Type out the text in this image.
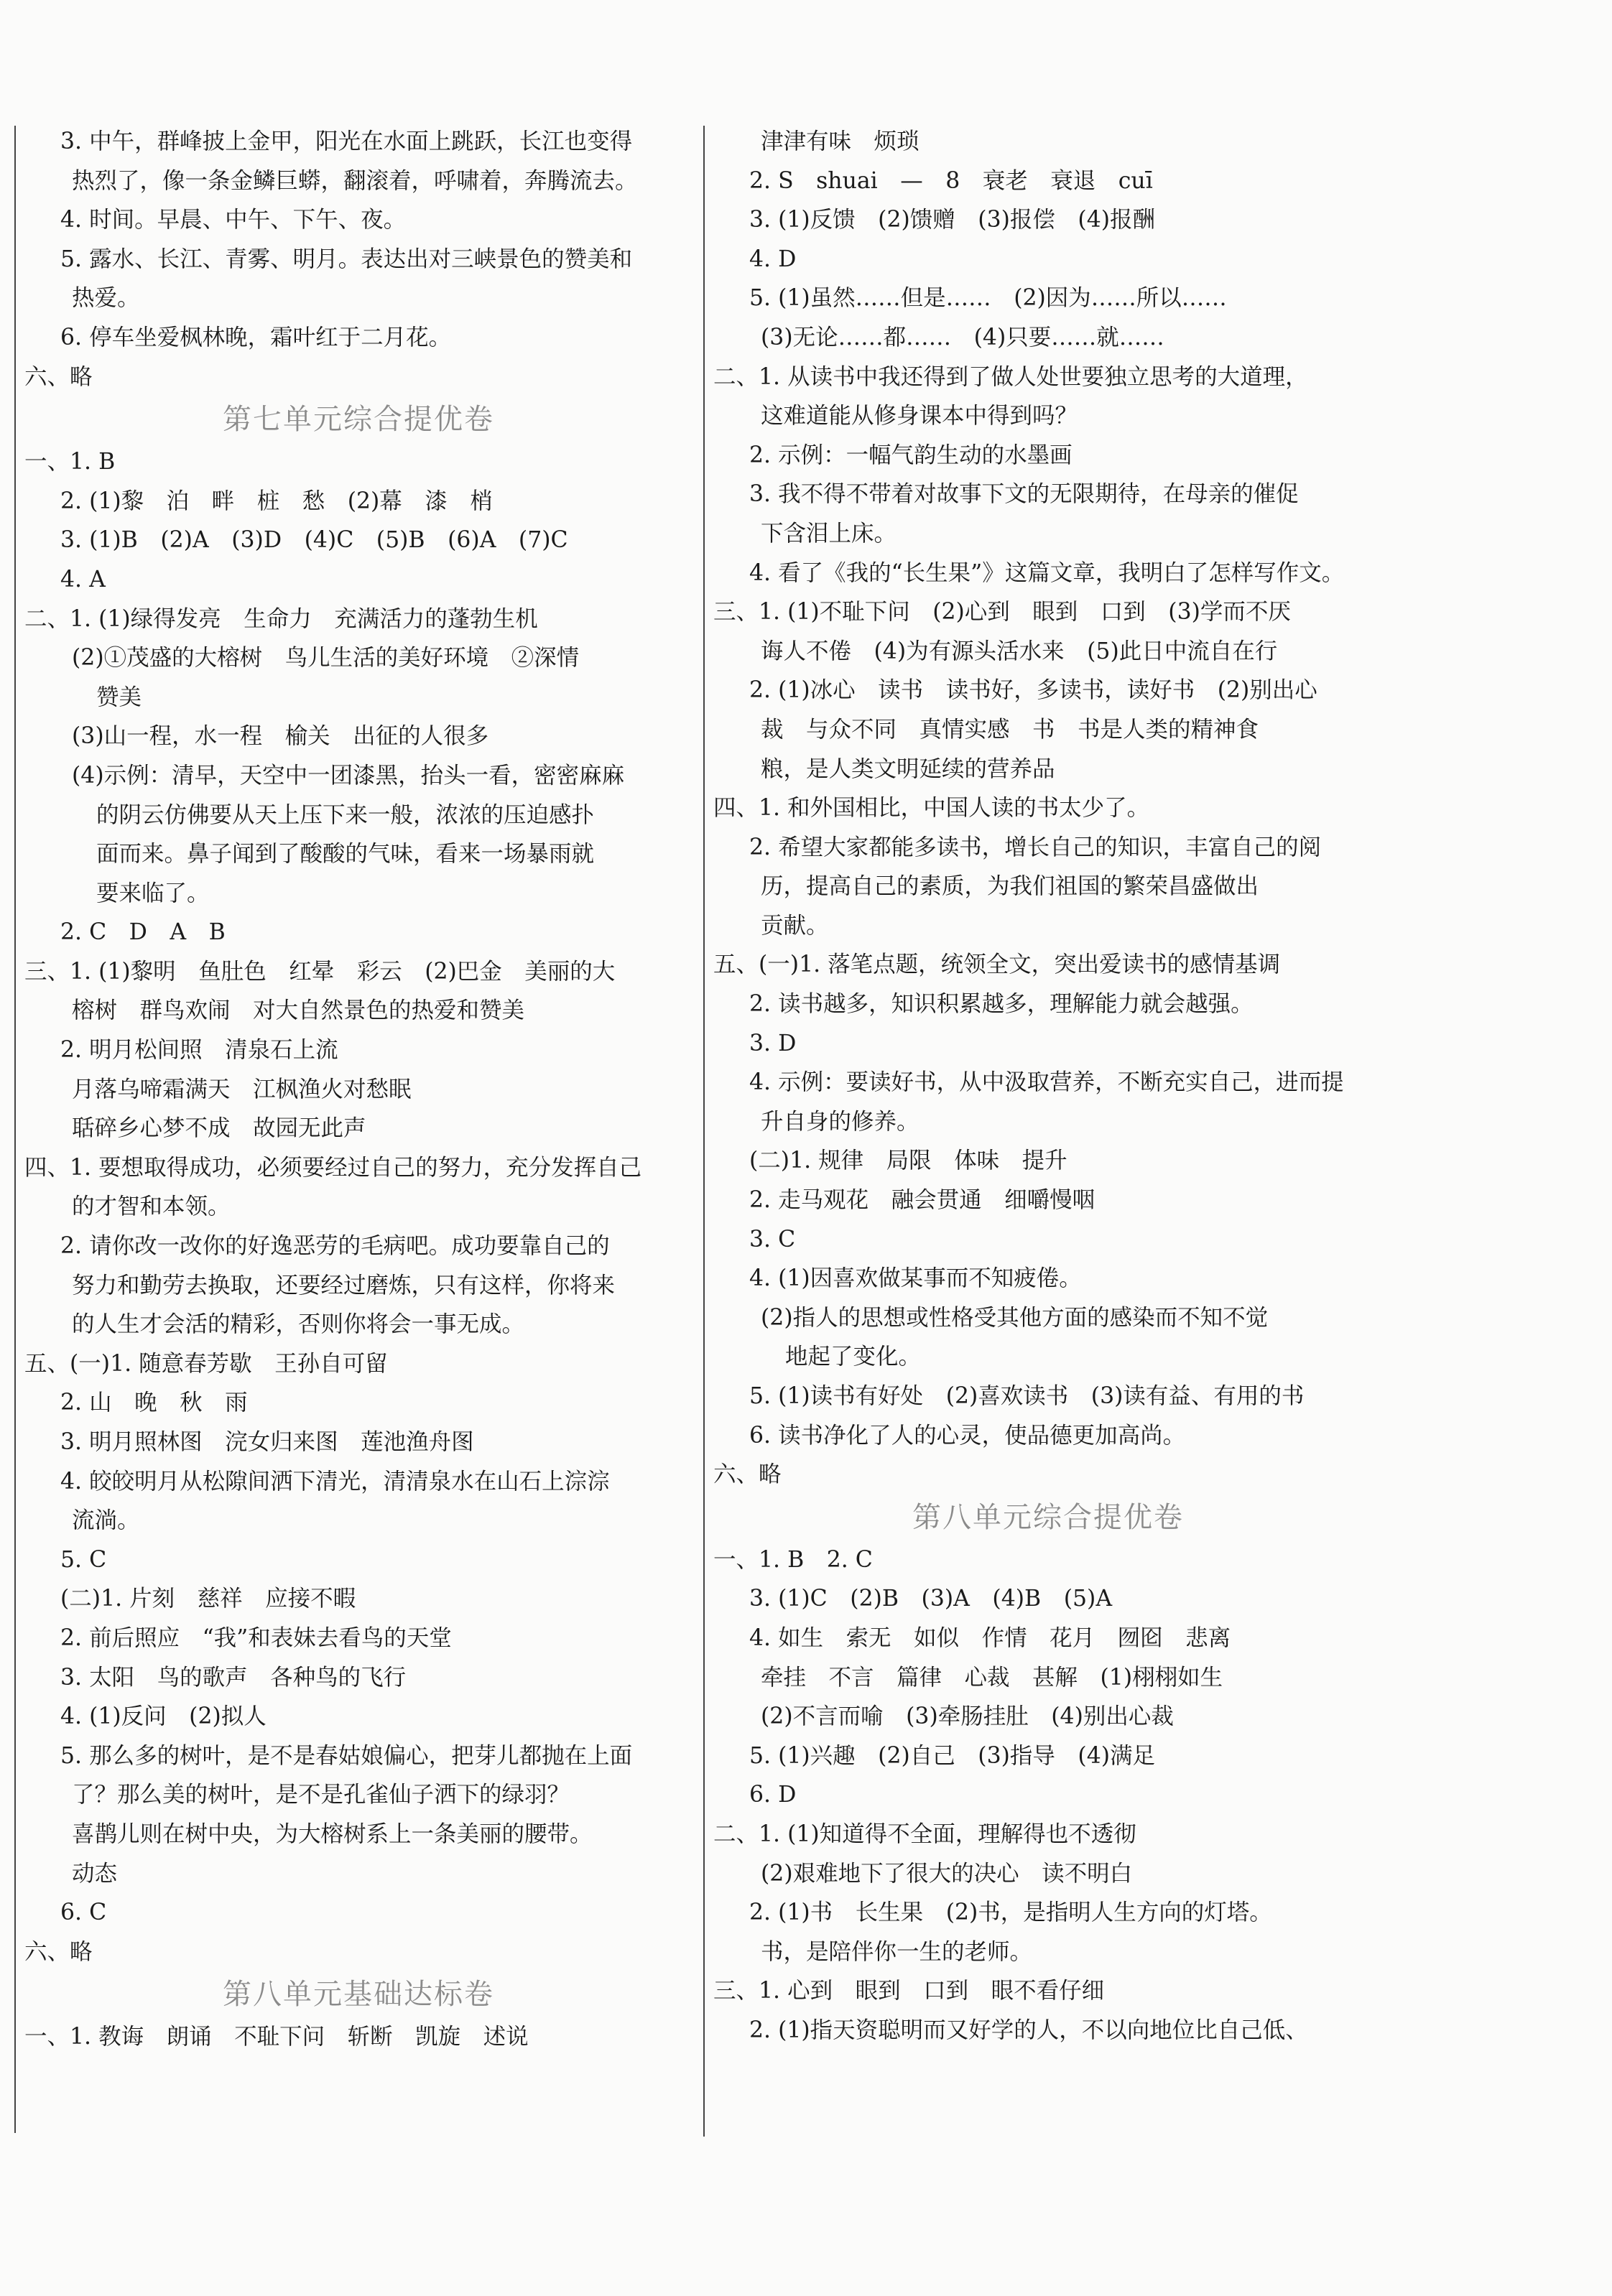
3. 中午，群峰披上金甲，阳光在水面上跳跃，长江也变得
热烈了，像一条金鳞巨蟒，翻滚着，呼啸着，奔腾流去。
4. 时间。早晨、中午、下午、夜。
5. 露水、长江、青雾、明月。表达出对三峡景色的赞美和
热爱。
6. 停车坐爱枫林晚，霜叶红于二月花。
六、略
第七单元综合提优卷
一、1. B
2. (1)黎　泊　畔　桩　愁　(2)幕　漆　梢
3. (1)B　(2)A　(3)D　(4)C　(5)B　(6)A　(7)C
4. A
二、1. (1)绿得发亮　生命力　充满活力的蓬勃生机
(2)①茂盛的大榕树　鸟儿生活的美好环境　②深情
赞美
(3)山一程，水一程　榆关　出征的人很多
(4)示例：清早，天空中一团漆黑，抬头一看，密密麻麻
的阴云仿佛要从天上压下来一般，浓浓的压迫感扑
面而来。鼻子闻到了酸酸的气味，看来一场暴雨就
要来临了。
2. C　D　A　B
三、1. (1)黎明　鱼肚色　红晕　彩云　(2)巴金　美丽的大
榕树　群鸟欢闹　对大自然景色的热爱和赞美
2. 明月松间照　清泉石上流
月落乌啼霜满天　江枫渔火对愁眠
聒碎乡心梦不成　故园无此声
四、1. 要想取得成功，必须要经过自己的努力，充分发挥自己
的才智和本领。
2. 请你改一改你的好逸恶劳的毛病吧。成功要靠自己的
努力和勤劳去换取，还要经过磨炼，只有这样，你将来
的人生才会活的精彩，否则你将会一事无成。
五、(一)1. 随意春芳歇　王孙自可留
2. 山　晚　秋　雨
3. 明月照林图　浣女归来图　莲池渔舟图
4. 皎皎明月从松隙间洒下清光，清清泉水在山石上淙淙
流淌。
5. C
(二)1. 片刻　慈祥　应接不暇
2. 前后照应　“我”和表妹去看鸟的天堂
3. 太阳　鸟的歌声　各种鸟的飞行
4. (1)反问　(2)拟人
5. 那么多的树叶，是不是春姑娘偏心，把芽儿都抛在上面
了？那么美的树叶，是不是孔雀仙子洒下的绿羽？
喜鹊儿则在树中央，为大榕树系上一条美丽的腰带。
动态
6. C
六、略
第八单元基础达标卷
一、1. 教诲　朗诵　不耻下问　斩断　凯旋　述说
津津有味　烦琐
2. S　shuai　—　8　衰老　衰退　cuī
3. (1)反馈　(2)馈赠　(3)报偿　(4)报酬
4. D
5. (1)虽然……但是……　(2)因为……所以……
(3)无论……都……　(4)只要……就……
二、1. 从读书中我还得到了做人处世要独立思考的大道理，
这难道能从修身课本中得到吗？
2. 示例：一幅气韵生动的水墨画
3. 我不得不带着对故事下文的无限期待，在母亲的催促
下含泪上床。
4. 看了《我的“长生果”》这篇文章，我明白了怎样写作文。
三、1. (1)不耻下问　(2)心到　眼到　口到　(3)学而不厌
诲人不倦　(4)为有源头活水来　(5)此日中流自在行
2. (1)冰心　读书　读书好，多读书，读好书　(2)别出心
裁　与众不同　真情实感　书　书是人类的精神食
粮，是人类文明延续的营养品
四、1. 和外国相比，中国人读的书太少了。
2. 希望大家都能多读书，增长自己的知识，丰富自己的阅
历，提高自己的素质，为我们祖国的繁荣昌盛做出
贡献。
五、(一)1. 落笔点题，统领全文，突出爱读书的感情基调
2. 读书越多，知识积累越多，理解能力就会越强。
3. D
4. 示例：要读好书，从中汲取营养，不断充实自己，进而提
升自身的修养。
(二)1. 规律　局限　体味　提升
2. 走马观花　融会贯通　细嚼慢咽
3. C
4. (1)因喜欢做某事而不知疲倦。
(2)指人的思想或性格受其他方面的感染而不知不觉
地起了变化。
5. (1)读书有好处　(2)喜欢读书　(3)读有益、有用的书
6. 读书净化了人的心灵，使品德更加高尚。
六、略
第八单元综合提优卷
一、1. B　2. C
3. (1)C　(2)B　(3)A　(4)B　(5)A
4. 如生　索无　如似　作情　花月　囫囵　悲离
牵挂　不言　篇律　心裁　甚解　(1)栩栩如生
(2)不言而喻　(3)牵肠挂肚　(4)别出心裁
5. (1)兴趣　(2)自己　(3)指导　(4)满足
6. D
二、1. (1)知道得不全面，理解得也不透彻
(2)艰难地下了很大的决心　读不明白
2. (1)书　长生果　(2)书，是指明人生方向的灯塔。
书，是陪伴你一生的老师。
三、1. 心到　眼到　口到　眼不看仔细
2. (1)指天资聪明而又好学的人，不以向地位比自己低、
